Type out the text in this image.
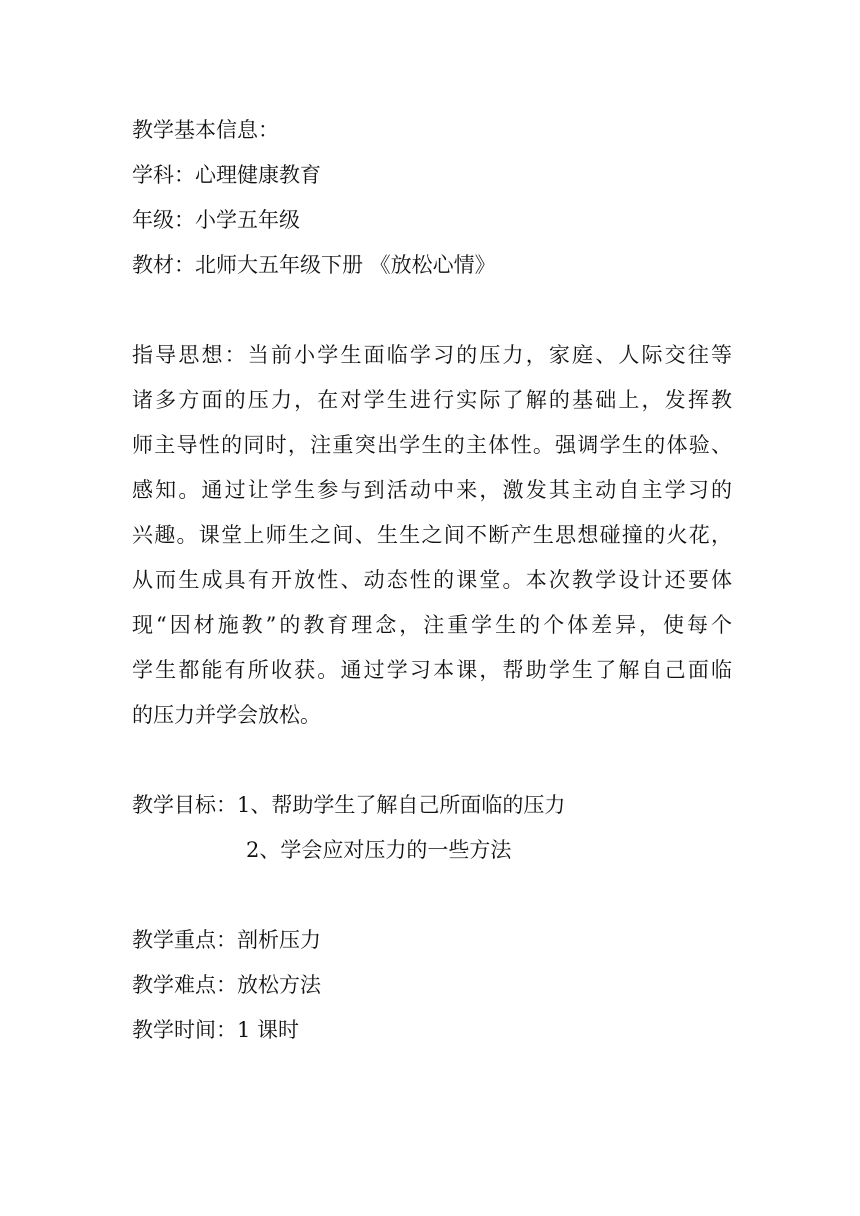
教学基本信息：
学科：心理健康教育
年级：小学五年级
教材：北师大五年级下册 《放松心情》
指导思想：当前小学生面临学习的压力，家庭、人际交往等
诸多方面的压力，在对学生进行实际了解的基础上，发挥教
师主导性的同时，注重突出学生的主体性。强调学生的体验、
感知。通过让学生参与到活动中来，激发其主动自主学习的
兴趣。课堂上师生之间、生生之间不断产生思想碰撞的火花，
从而生成具有开放性、动态性的课堂。本次教学设计还要体
现“因材施教”的教育理念，注重学生的个体差异，使每个
学生都能有所收获。通过学习本课，帮助学生了解自己面临
的压力并学会放松。
教学目标：1、帮助学生了解自己所面临的压力
2、学会应对压力的一些方法
教学重点：剖析压力
教学难点：放松方法
教学时间：1 课时
